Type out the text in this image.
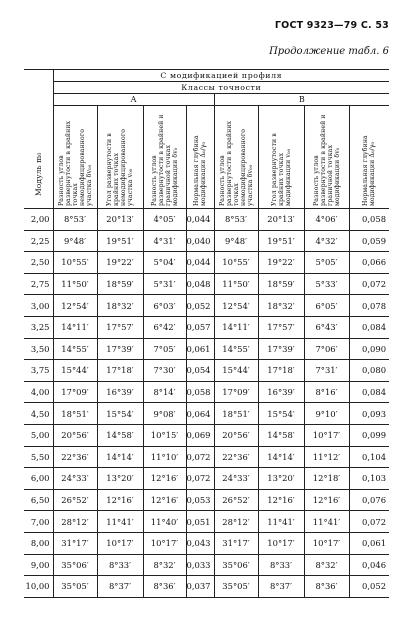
ГОСТ 9323—79 С. 53
Продолжение табл. 6
Модуль m₀	С модификацией профиля							
	Классы точности							
	А				В			

	Разность углов развернутости в крайних точках немодифицированного участка δv₀₀	Угол развернутости в крайних точках немодифицированного участка v₀₀	Разность углов развернутости в крайней и граничной точках модификации δv₀	Нормальная глубина модификации Δ₀/γ₀	Разность углов развернутости в крайних точках немодифицированного участка δv₀₀	Угол развернутости в крайних точках модификации v₀₀	Разность углов развернутости в крайней и граничной точках модификации δv₀	Нормальная глубина модификации Δ₀/γ₀

2,00	8°53′	20°13′	4°05′	0,044	8°53′	20°13′	4°06′	0,058
2,25	9°48′	19°51′	4°31′	0,040	9°48′	19°51′	4°32′	0,059
2,50	10°55′	19°22′	5°04′	0,044	10°55′	19°22′	5°05′	0,066
2,75	11°50′	18°59′	5°31′	0,048	11°50′	18°59′	5°33′	0,072
3,00	12°54′	18°32′	6°03′	0,052	12°54′	18°32′	6°05′	0,078
3,25	14°11′	17°57′	6°42′	0,057	14°11′	17°57′	6°43′	0,084
3,50	14°55′	17°39′	7°05′	0,061	14°55′	17°39′	7°06′	0,090
3,75	15°44′	17°18′	7°30′	0,054	15°44′	17°18′	7°31′	0,080
4,00	17°09′	16°39′	8°14′	0,058	17°09′	16°39′	8°16′	0,084
4,50	18°51′	15°54′	9°08′	0,064	18°51′	15°54′	9°10′	0,093
5,00	20°56′	14°58′	10°15′	0,069	20°56′	14°58′	10°17′	0,099
5,50	22°36′	14°14′	11°10′	0,072	22°36′	14°14′	11°12′	0,104
6,00	24°33′	13°20′	12°16′	0,072	24°33′	13°20′	12°18′	0,103
6,50	26°52′	12°16′	12°16′	0,053	26°52′	12°16′	12°16′	0,076
7,00	28°12′	11°41′	11°40′	0,051	28°12′	11°41′	11°41′	0,072
8,00	31°17′	10°17′	10°17′	0,043	31°17′	10°17′	10°17′	0,061
9,00	35°06′	8°33′	8°32′	0,033	35°06′	8°33′	8°32′	0,046
10,00	35°05′	8°37′	8°36′	0,037	35°05′	8°37′	8°36′	0,052
